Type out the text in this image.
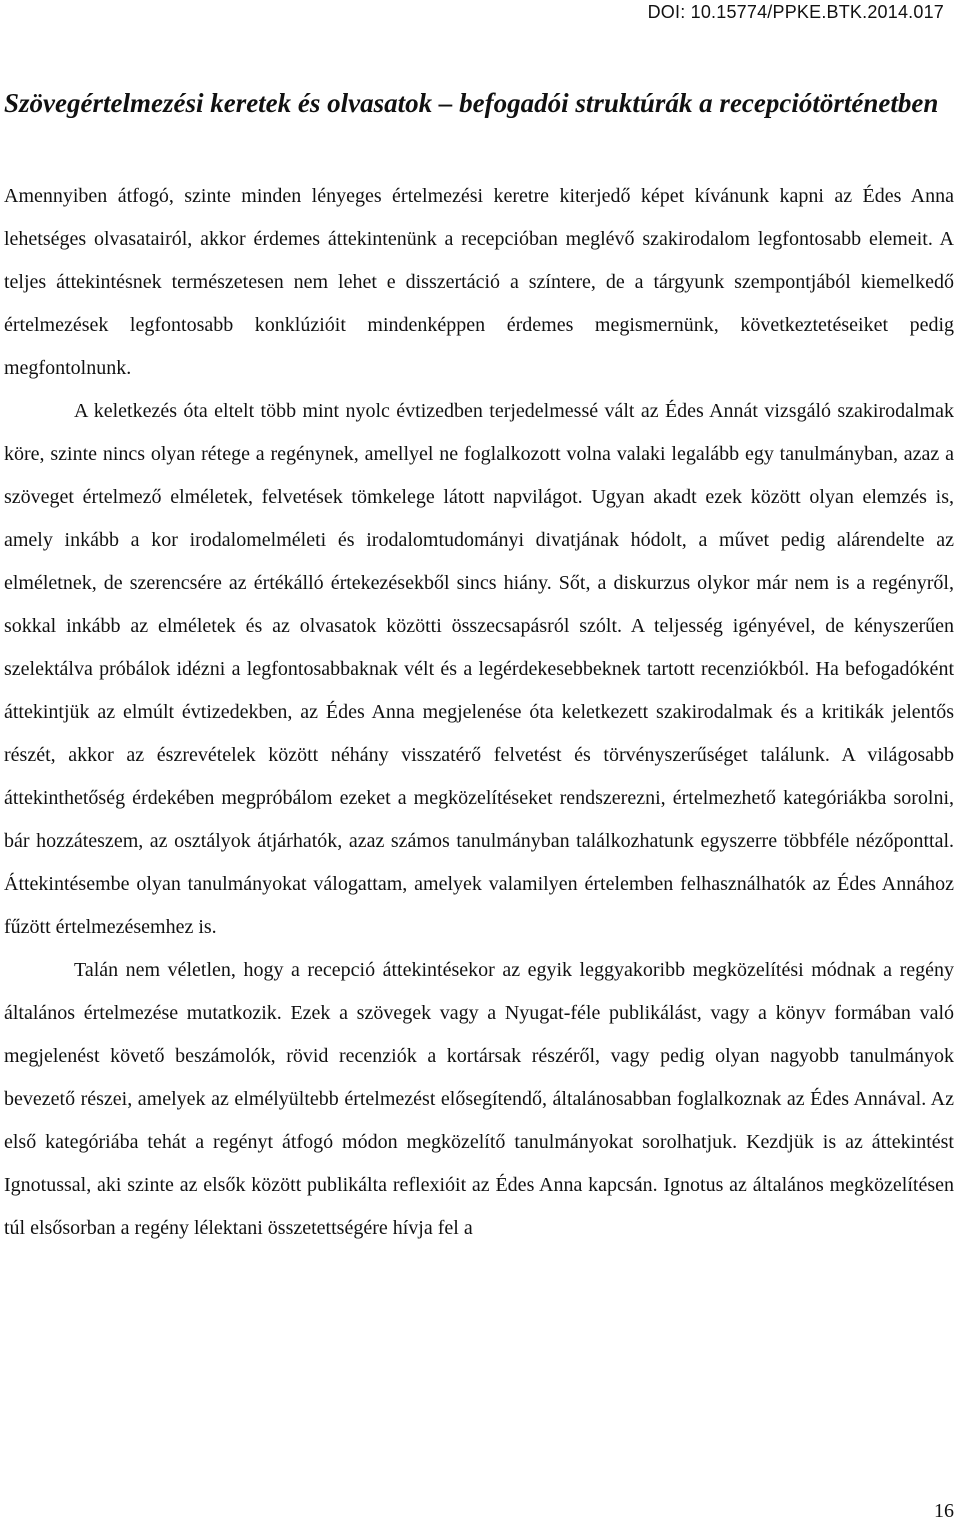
DOI: 10.15774/PPKE.BTK.2014.017
Szövegértelmezési keretek és olvasatok – befogadói struktúrák a recepciótörténetben

Amennyiben átfogó, szinte minden lényeges értelmezési keretre kiterjedő képet kívánunk kapni az Édes Anna lehetséges olvasatairól, akkor érdemes áttekintenünk a recepcióban meglévő szakirodalom legfontosabb elemeit. A teljes áttekintésnek természetesen nem lehet e disszertáció a színtere, de a tárgyunk szempontjából kiemelkedő értelmezések legfontosabb konklúzióit mindenképpen érdemes megismernünk, következtetéseiket pedig megfontolnunk.

A keletkezés óta eltelt több mint nyolc évtizedben terjedelmessé vált az Édes Annát vizsgáló szakirodalmak köre, szinte nincs olyan rétege a regénynek, amellyel ne foglalkozott volna valaki legalább egy tanulmányban, azaz a szöveget értelmező elméletek, felvetések tömkelege látott napvilágot. Ugyan akadt ezek között olyan elemzés is, amely inkább a kor irodalomelméleti és irodalomtudományi divatjának hódolt, a művet pedig alárendelte az elméletnek, de szerencsére az értékálló értekezésekből sincs hiány. Sőt, a diskurzus olykor már nem is a regényről, sokkal inkább az elméletek és az olvasatok közötti összecsapásról szólt. A teljesség igényével, de kényszerűen szelektálva próbálok idézni a legfontosabbaknak vélt és a legérdekesebbeknek tartott recenziókból. Ha befogadóként áttekintjük az elmúlt évtizedekben, az Édes Anna megjelenése óta keletkezett szakirodalmak és a kritikák jelentős részét, akkor az észrevételek között néhány visszatérő felvetést és törvényszerűséget találunk. A világosabb áttekinthetőség érdekében megpróbálom ezeket a megközelítéseket rendszerezni, értelmezhető kategóriákba sorolni, bár hozzáteszem, az osztályok átjárhatók, azaz számos tanulmányban találkozhatunk egyszerre többféle nézőponttal. Áttekintésembe olyan tanulmányokat válogattam, amelyek valamilyen értelemben felhasználhatók az Édes Annához fűzött értelmezésemhez is.

Talán nem véletlen, hogy a recepció áttekintésekor az egyik leggyakoribb megközelítési módnak a regény általános értelmezése mutatkozik. Ezek a szövegek vagy a Nyugat-féle publikálást, vagy a könyv formában való megjelenést követő beszámolók, rövid recenziók a kortársak részéről, vagy pedig olyan nagyobb tanulmányok bevezető részei, amelyek az elmélyültebb értelmezést elősegítendő, általánosabban foglalkoznak az Édes Annával. Az első kategóriába tehát a regényt átfogó módon megközelítő tanulmányokat sorolhatjuk. Kezdjük is az áttekintést Ignotussal, aki szinte az elsők között publikálta reflexióit az Édes Anna kapcsán. Ignotus az általános megközelítésen túl elsősorban a regény lélektani összetettségére hívja fel a

16
